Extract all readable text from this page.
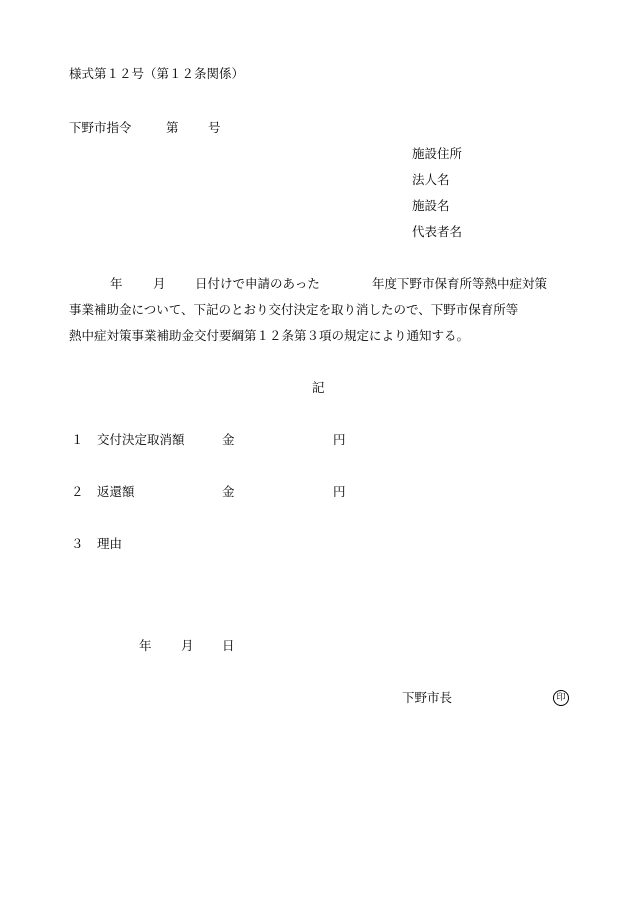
様式第１２号（第１２条関係）
下野市指令	第 号
施設住所
法人名
施設名
代表者名
年 月 日付けで申請のあった	年度下野市保育所等熱中症対策
事業補助金について、下記のとおり交付決定を取り消したので、下野市保育所等
熱中症対策事業補助金交付要綱第１２条第３項の規定により通知する。
記
１ 交付決定取消額	金	円
２ 返還額	金	円
３ 理由
年 月 日
下野市長	印
